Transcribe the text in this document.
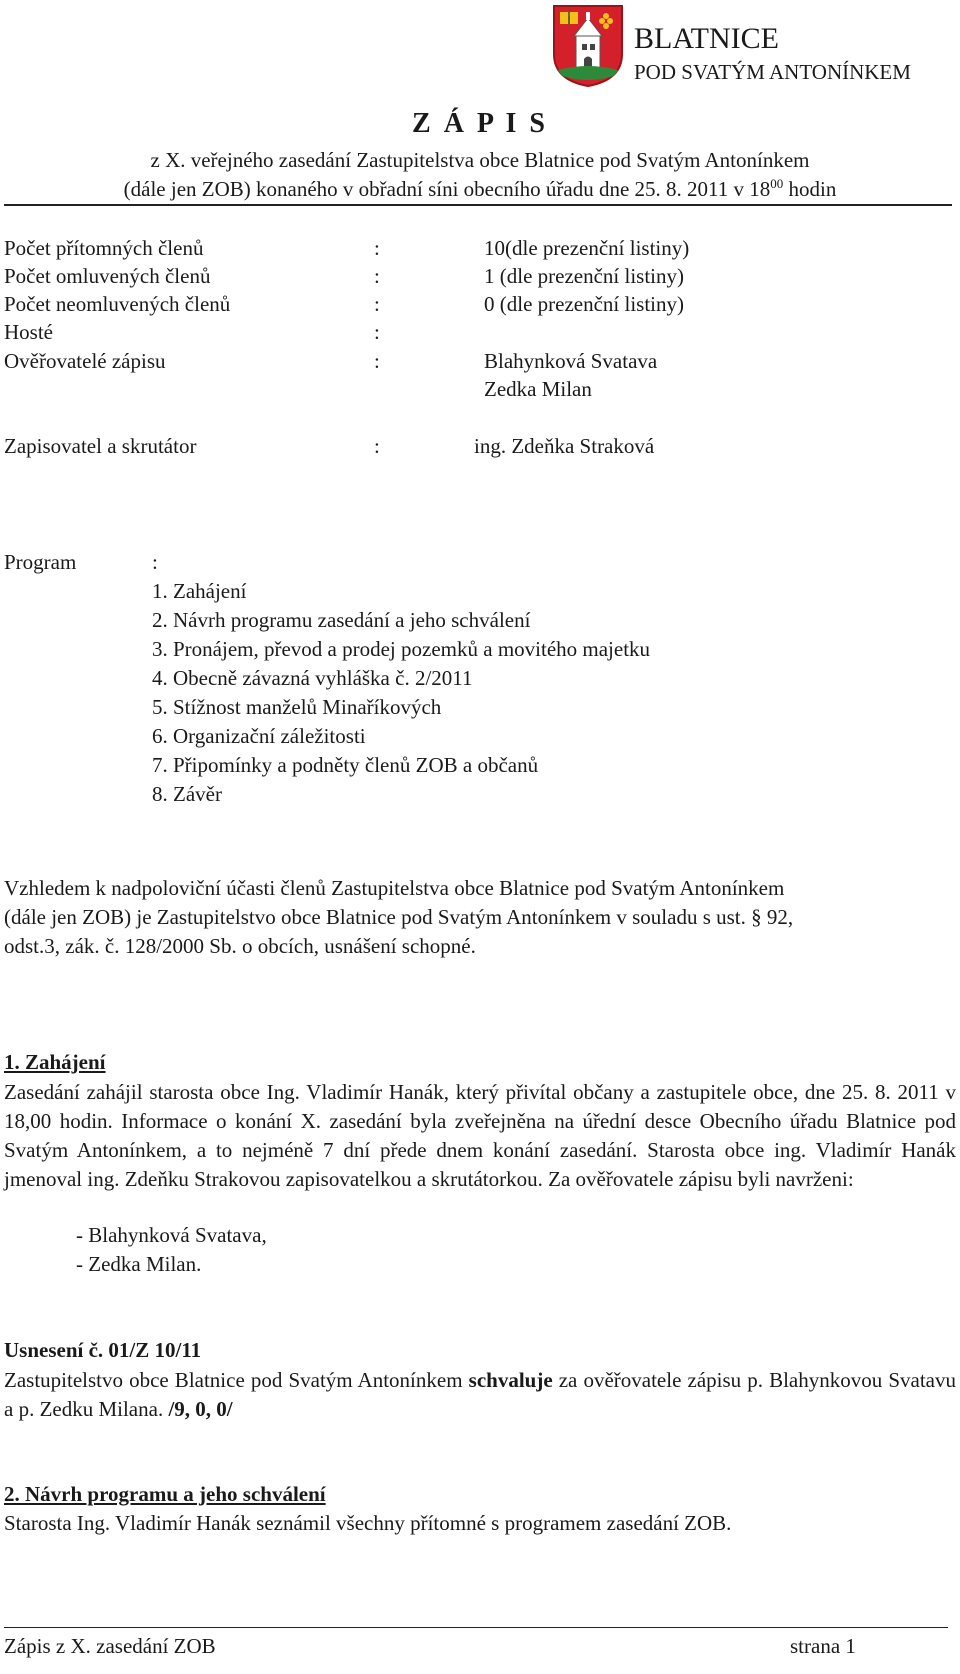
BLATNICE
POD SVATÝM ANTONÍNKEM
Z Á P I S
z X. veřejného zasedání Zastupitelstva obce Blatnice pod Svatým Antonínkem
(dále jen ZOB) konaného v obřadní síni obecního úřadu dne 25. 8. 2011 v $18^{00}$ hodin
Počet přítomných členů	:	10(dle prezenční listiny)
Počet omluvených členů	:	1 (dle prezenční listiny)
Počet neomluvených členů	:	0 (dle prezenční listiny)
Hosté	:
Ověřovatelé zápisu	:	Blahynková Svatava
Zedka Milan
Zapisovatel a skrutátor	:	ing. Zdeňka Straková
Program	:
1. Zahájení
2. Návrh programu zasedání a jeho schválení
3. Pronájem, převod a prodej pozemků a movitého majetku
4. Obecně závazná vyhláška č. 2/2011
5. Stížnost manželů Minaříkových
6. Organizační záležitosti
7. Připomínky a podněty členů ZOB a občanů
8. Závěr
Vzhledem k nadpoloviční účasti členů Zastupitelstva obce Blatnice pod Svatým Antonínkem
(dále jen ZOB) je Zastupitelstvo obce Blatnice pod Svatým Antonínkem v souladu s ust. § 92,
odst.3, zák. č. 128/2000 Sb. o obcích, usnášení schopné.
1. Zahájení
Zasedání zahájil starosta obce Ing. Vladimír Hanák, který přivítal občany a zastupitele obce, dne 25. 8. 2011 v 18,00 hodin. Informace o konání X. zasedání byla zveřejněna na úřední desce Obecního úřadu Blatnice pod Svatým Antonínkem, a to nejméně 7 dní přede dnem konání zasedání. Starosta obce ing. Vladimír Hanák jmenoval ing. Zdeňku Strakovou zapisovatelkou a skrutátorkou. Za ověřovatele zápisu byli navrženi:
- Blahynková Svatava,
- Zedka Milan.
Usnesení č. 01/Z 10/11
Zastupitelstvo obce Blatnice pod Svatým Antonínkem schvaluje za ověřovatele zápisu p. Blahynkovou Svatavu a p. Zedku Milana. /9, 0, 0/
2. Návrh programu a jeho schválení
Starosta Ing. Vladimír Hanák seznámil všechny přítomné s programem zasedání ZOB.
Zápis z X. zasedání ZOB	strana 1
